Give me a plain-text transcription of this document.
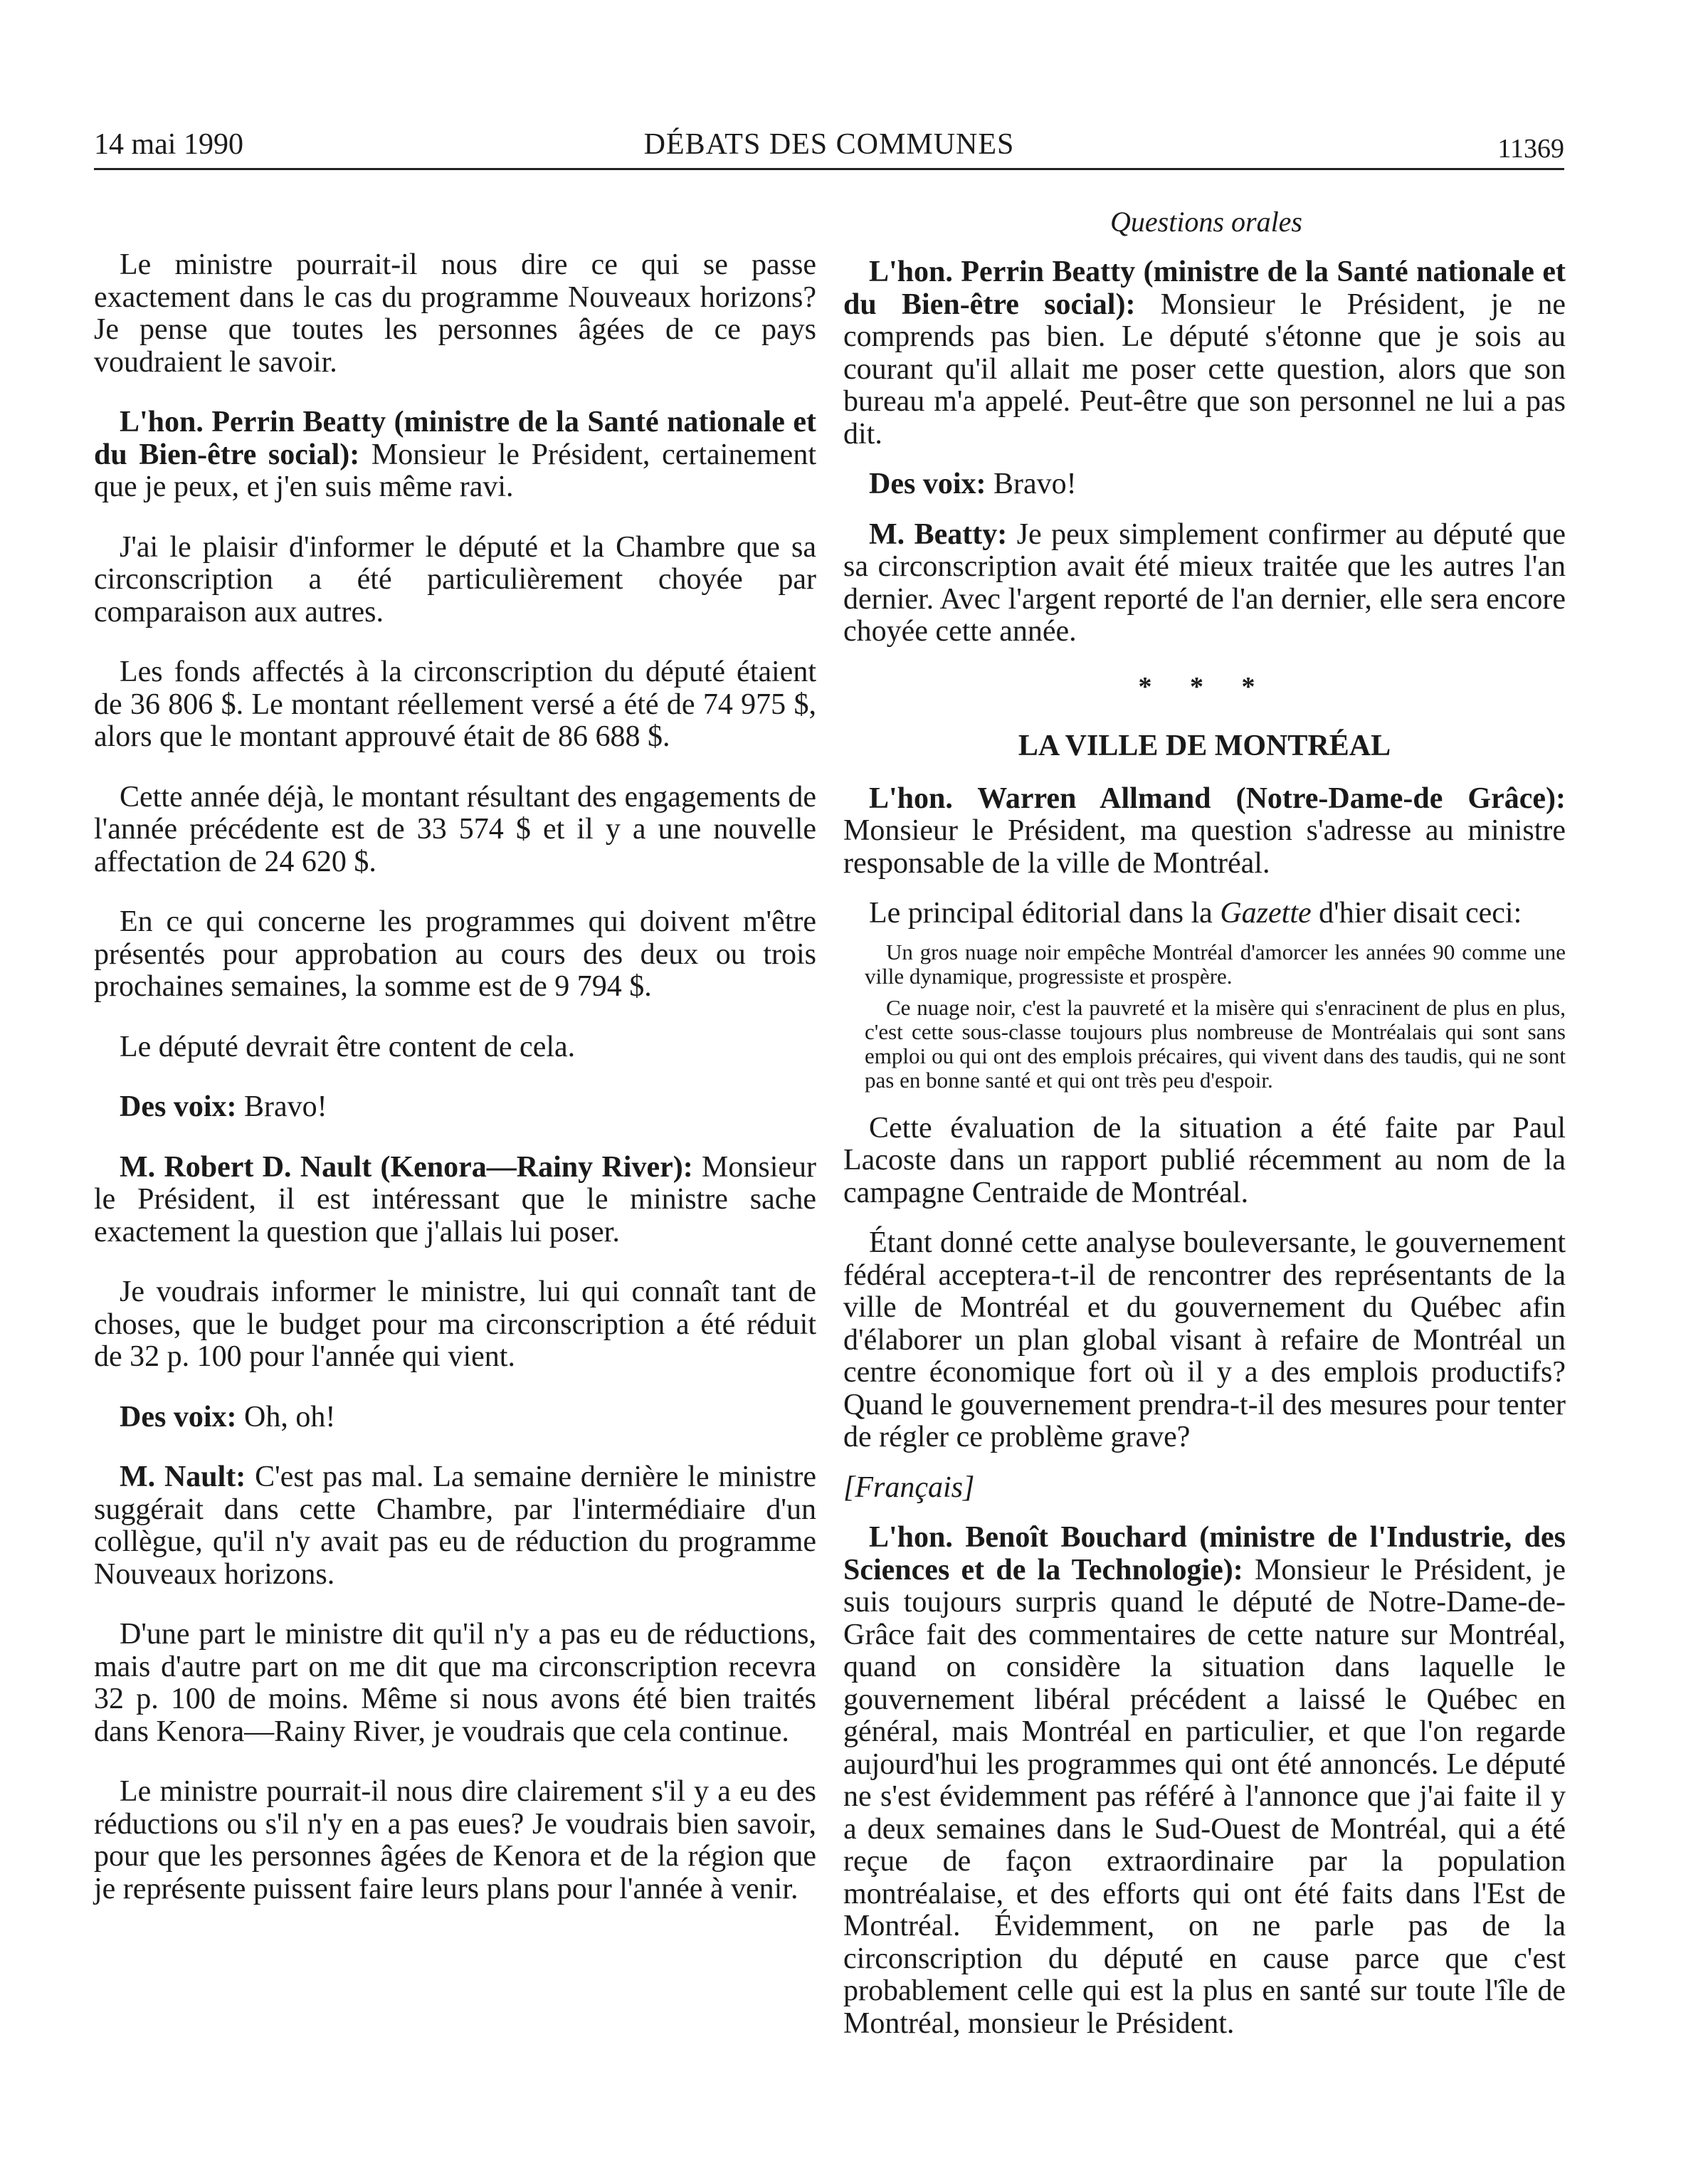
14 mai 1990	DÉBATS DES COMMUNES	11369
Questions orales

Le ministre pourrait-il nous dire ce qui se passe exactement dans le cas du programme Nouveaux horizons? Je pense que toutes les personnes âgées de ce pays voudraient le savoir.

L'hon. Perrin Beatty (ministre de la Santé nationale et du Bien-être social): Monsieur le Président, certainement que je peux, et j'en suis même ravi.

J'ai le plaisir d'informer le député et la Chambre que sa circonscription a été particulièrement choyée par comparaison aux autres.

Les fonds affectés à la circonscription du député étaient de 36 806 $. Le montant réellement versé a été de 74 975 $, alors que le montant approuvé était de 86 688 $.

Cette année déjà, le montant résultant des engagements de l'année précédente est de 33 574 $ et il y a une nouvelle affectation de 24 620 $.

En ce qui concerne les programmes qui doivent m'être présentés pour approbation au cours des deux ou trois prochaines semaines, la somme est de 9 794 $.

Le député devrait être content de cela.

Des voix: Bravo!

M. Robert D. Nault (Kenora—Rainy River): Monsieur le Président, il est intéressant que le ministre sache exactement la question que j'allais lui poser.

Je voudrais informer le ministre, lui qui connaît tant de choses, que le budget pour ma circonscription a été réduit de 32 p. 100 pour l'année qui vient.

Des voix: Oh, oh!

M. Nault: C'est pas mal. La semaine dernière le ministre suggérait dans cette Chambre, par l'intermédiaire d'un collègue, qu'il n'y avait pas eu de réduction du programme Nouveaux horizons.

D'une part le ministre dit qu'il n'y a pas eu de réductions, mais d'autre part on me dit que ma circonscription recevra 32 p. 100 de moins. Même si nous avons été bien traités dans Kenora—Rainy River, je voudrais que cela continue.

Le ministre pourrait-il nous dire clairement s'il y a eu des réductions ou s'il n'y en a pas eues? Je voudrais bien savoir, pour que les personnes âgées de Kenora et de la région que je représente puissent faire leurs plans pour l'année à venir.

L'hon. Perrin Beatty (ministre de la Santé nationale et du Bien-être social): Monsieur le Président, je ne comprends pas bien. Le député s'étonne que je sois au courant qu'il allait me poser cette question, alors que son bureau m'a appelé. Peut-être que son personnel ne lui a pas dit.

Des voix: Bravo!

M. Beatty: Je peux simplement confirmer au député que sa circonscription avait été mieux traitée que les autres l'an dernier. Avec l'argent reporté de l'an dernier, elle sera encore choyée cette année.

* * *
LA VILLE DE MONTRÉAL

L'hon. Warren Allmand (Notre-Dame-de Grâce): Monsieur le Président, ma question s'adresse au ministre responsable de la ville de Montréal.

Le principal éditorial dans la Gazette d'hier disait ceci:

Un gros nuage noir empêche Montréal d'amorcer les années 90 comme une ville dynamique, progressiste et prospère.

Ce nuage noir, c'est la pauvreté et la misère qui s'enracinent de plus en plus, c'est cette sous-classe toujours plus nombreuse de Montréalais qui sont sans emploi ou qui ont des emplois précaires, qui vivent dans des taudis, qui ne sont pas en bonne santé et qui ont très peu d'espoir.

Cette évaluation de la situation a été faite par Paul Lacoste dans un rapport publié récemment au nom de la campagne Centraide de Montréal.

Étant donné cette analyse bouleversante, le gouvernement fédéral acceptera-t-il de rencontrer des représentants de la ville de Montréal et du gouvernement du Québec afin d'élaborer un plan global visant à refaire de Montréal un centre économique fort où il y a des emplois productifs? Quand le gouvernement prendra-t-il des mesures pour tenter de régler ce problème grave?

[Français]

L'hon. Benoît Bouchard (ministre de l'Industrie, des Sciences et de la Technologie): Monsieur le Président, je suis toujours surpris quand le député de Notre-Dame-de-Grâce fait des commentaires de cette nature sur Montréal, quand on considère la situation dans laquelle le gouvernement libéral précédent a laissé le Québec en général, mais Montréal en particulier, et que l'on regarde aujourd'hui les programmes qui ont été annoncés. Le député ne s'est évidemment pas référé à l'annonce que j'ai faite il y a deux semaines dans le Sud-Ouest de Montréal, qui a été reçue de façon extraordinaire par la population montréalaise, et des efforts qui ont été faits dans l'Est de Montréal. Évidemment, on ne parle pas de la circonscription du député en cause parce que c'est probablement celle qui est la plus en santé sur toute l'île de Montréal, monsieur le Président.
